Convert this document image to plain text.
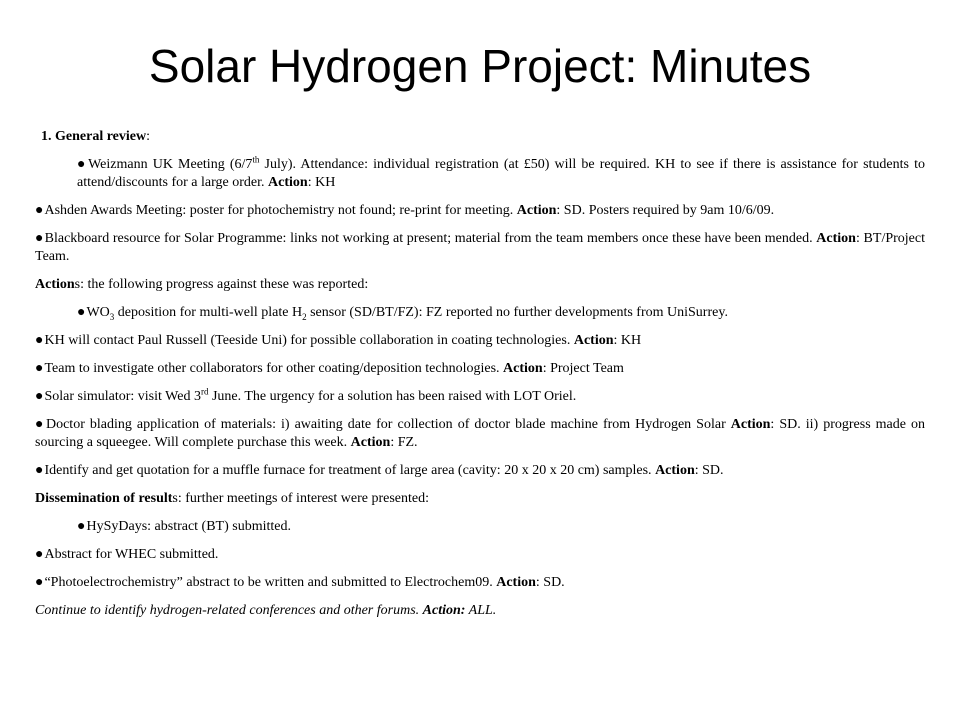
Solar Hydrogen Project: Minutes
1. General review:
●Weizmann UK Meeting (6/7th July). Attendance: individual registration (at £50) will be required. KH to see if there is assistance for students to attend/discounts for a large order. Action: KH
●Ashden Awards Meeting: poster for photochemistry not found; re-print for meeting. Action: SD. Posters required by 9am 10/6/09.
●Blackboard resource for Solar Programme: links not working at present; material from the team members once these have been mended. Action: BT/Project Team.
Actions: the following progress against these was reported:
$●WO_3$ deposition for multi-well plate $H_2$ sensor (SD/BT/FZ): FZ reported no further developments from UniSurrey.
●KH will contact Paul Russell (Teeside Uni) for possible collaboration in coating technologies. Action: KH
●Team to investigate other collaborators for other coating/deposition technologies. Action: Project Team
●Solar simulator: visit Wed 3rd June. The urgency for a solution has been raised with LOT Oriel.
●Doctor blading application of materials: i) awaiting date for collection of doctor blade machine from Hydrogen Solar Action: SD. ii) progress made on sourcing a squeegee. Will complete purchase this week. Action: FZ.
●Identify and get quotation for a muffle furnace for treatment of large area (cavity: 20 x 20 x 20 cm) samples. Action: SD.
Dissemination of results: further meetings of interest were presented:
●HySyDays: abstract (BT) submitted.
●Abstract for WHEC submitted.
●“Photoelectrochemistry” abstract to be written and submitted to Electrochem09. Action: SD.
Continue to identify hydrogen-related conferences and other forums. Action: ALL.
